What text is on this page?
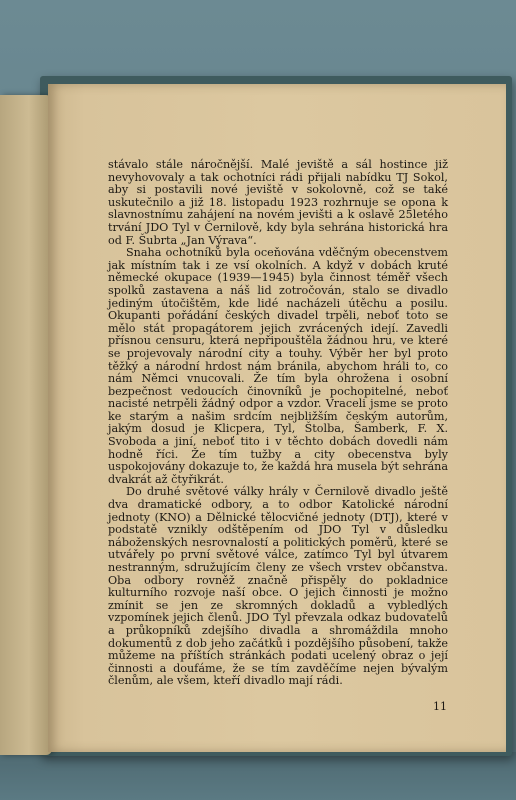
stávalo stále náročnější. Malé jeviště a sál hostince již nevyhovovaly a tak ochotníci rádi přijali nabídku TJ Sokol, aby si postavili nové jeviště v sokolovně, což se také uskutečnilo a již 18. listopadu 1923 rozhrnuje se opona k slavnostnímu zahájení na novém jevišti a k oslavě 25letého trvání JDO Tyl v Černilově, kdy byla sehrána historická hra od F. Šubrta „Jan Výrava“.

Snaha ochotníků byla oceňována vděčným obecenstvem jak místním tak i ze vsí okolních. A když v dobách kruté německé okupace (1939—1945) byla činnost téměř všech spolků zastavena a náš lid zotročován, stalo se divadlo jediným útočištěm, kde lidé nacházeli útěchu a posilu. Okupanti pořádání českých divadel trpěli, neboť toto se mělo stát propagátorem jejich zvrácených idejí. Zavedli přísnou censuru, která nepřipouštěla žádnou hru, ve které se projevovaly národní city a touhy. Výběr her byl proto těžký a národní hrdost nám bránila, abychom hráli to, co nám Němci vnucovali. Že tím byla ohrožena i osobní bezpečnost vedoucích činovníků je pochopitelné, neboť nacisté netrpěli žádný odpor a vzdor. Vraceli jsme se proto ke starým a našim srdcím nejbližším českým autorům, jakým dosud je Klicpera, Tyl, Štolba, Šamberk, F. X. Svoboda a jiní, neboť tito i v těchto dobách dovedli nám hodně říci. Že tím tužby a city obecenstva byly uspokojovány dokazuje to, že každá hra musela být sehrána dvakrát až čtyřikrát.

Do druhé světové války hrály v Černilově divadlo ještě dva dramatické odbory, a to odbor Katolické národní jednoty (KNO) a Dělnické tělocvičné jednoty (DTJ), které v podstatě vznikly odštěpením od JDO Tyl v důsledku náboženských nesrovnalostí a politických poměrů, které se utvářely po první světové válce, zatímco Tyl byl útvarem nestranným, sdružujícím členy ze všech vrstev občanstva. Oba odbory rovněž značně přispěly do pokladnice kulturního rozvoje naší obce. O jejich činnosti je možno zmínit se jen ze skromných dokladů a vybledlých vzpomínek jejich členů. JDO Tyl převzala odkaz budovatelů a průkopníků zdejšího divadla a shromáždila mnoho dokumentů z dob jeho začátků i pozdějšího působení, takže můžeme na příštích stránkách podati ucelený obraz o její činnosti a doufáme, že se tím zavděčíme nejen bývalým členům, ale všem, kteří divadlo mají rádi.

11
